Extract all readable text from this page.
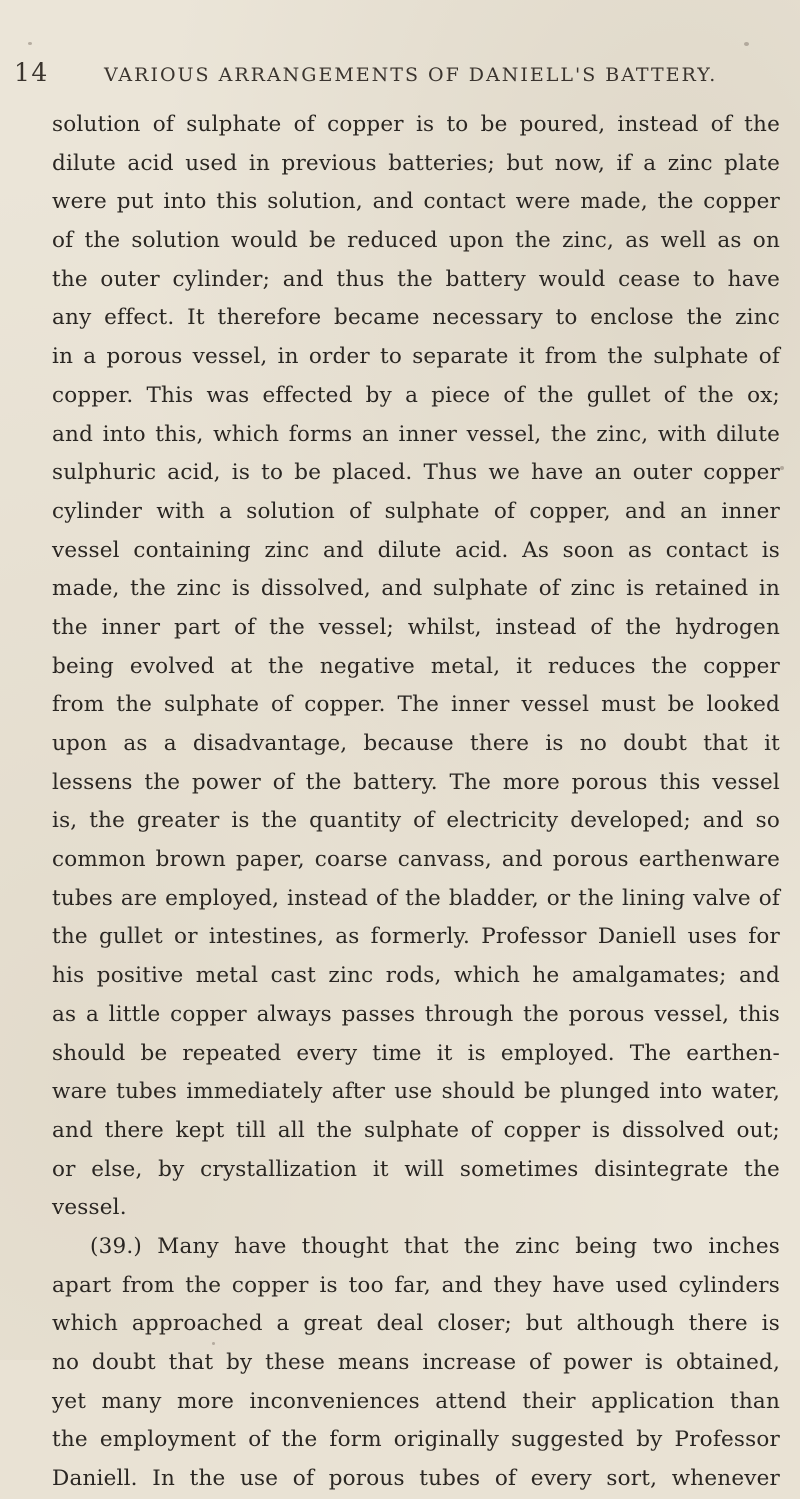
14	VARIOUS ARRANGEMENTS OF DANIELL'S BATTERY.
solution of sulphate of copper is to be poured, instead of the
dilute acid used in previous batteries; but now, if a zinc plate
were put into this solution, and contact were made, the copper
of the solution would be reduced upon the zinc, as well as on
the outer cylinder; and thus the battery would cease to have
any effect. It therefore became necessary to enclose the zinc
in a porous vessel, in order to separate it from the sulphate of
copper. This was effected by a piece of the gullet of the ox;
and into this, which forms an inner vessel, the zinc, with dilute
sulphuric acid, is to be placed. Thus we have an outer copper
cylinder with a solution of sulphate of copper, and an inner
vessel containing zinc and dilute acid. As soon as contact is
made, the zinc is dissolved, and sulphate of zinc is retained in
the inner part of the vessel; whilst, instead of the hydrogen
being evolved at the negative metal, it reduces the copper
from the sulphate of copper. The inner vessel must be looked
upon as a disadvantage, because there is no doubt that it
lessens the power of the battery. The more porous this vessel
is, the greater is the quantity of electricity developed; and so
common brown paper, coarse canvass, and porous earthenware
tubes are employed, instead of the bladder, or the lining valve of
the gullet or intestines, as formerly. Professor Daniell uses for
his positive metal cast zinc rods, which he amalgamates; and
as a little copper always passes through the porous vessel, this
should be repeated every time it is employed. The earthen-
ware tubes immediately after use should be plunged into water,
and there kept till all the sulphate of copper is dissolved out;
or else, by crystallization it will sometimes disintegrate the
vessel.
(39.) Many have thought that the zinc being two inches
apart from the copper is too far, and they have used cylinders
which approached a great deal closer; but although there is
no doubt that by these means increase of power is obtained,
yet many more inconveniences attend their application than
the employment of the form originally suggested by Professor
Daniell. In the use of porous tubes of every sort, whenever
